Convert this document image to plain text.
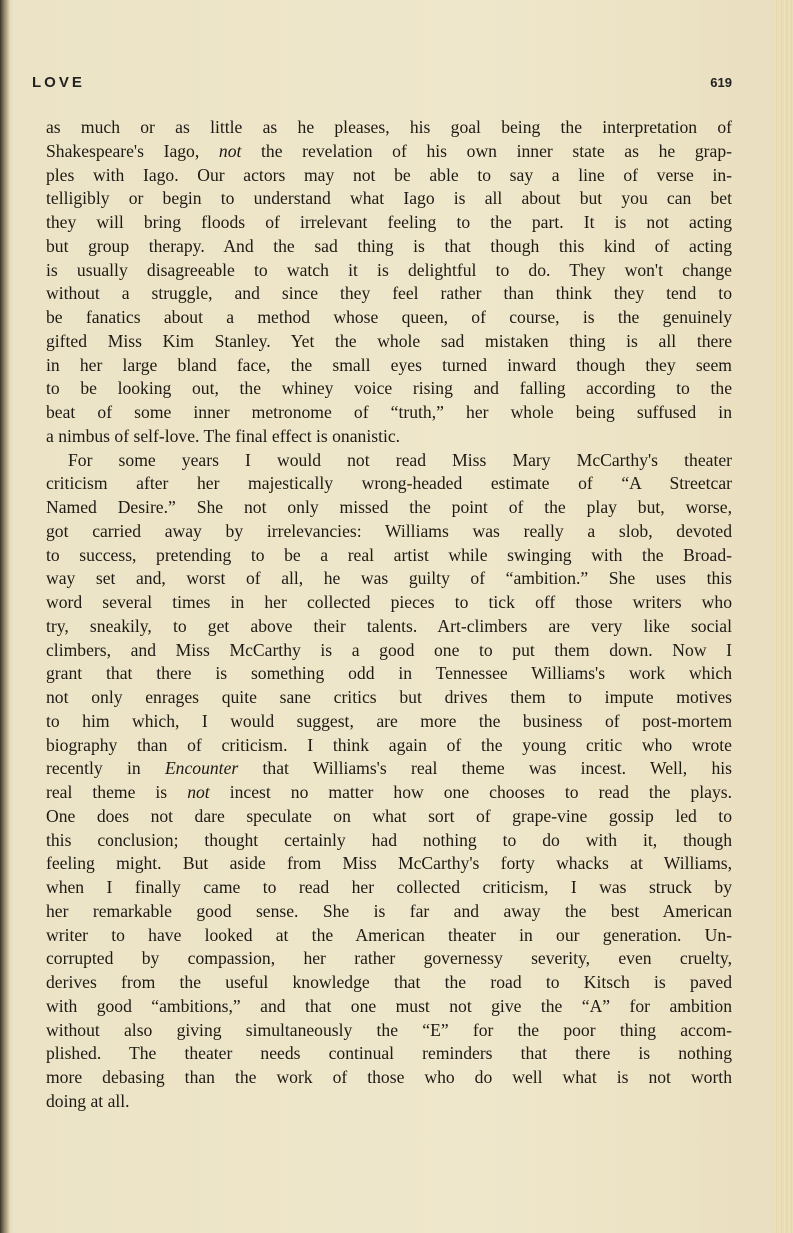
LOVE	619
as much or as little as he pleases, his goal being the interpretation of
Shakespeare's Iago, not the revelation of his own inner state as he grap-
ples with Iago. Our actors may not be able to say a line of verse in-
telligibly or begin to understand what Iago is all about but you can bet
they will bring floods of irrelevant feeling to the part. It is not acting
but group therapy. And the sad thing is that though this kind of acting
is usually disagreeable to watch it is delightful to do. They won't change
without a struggle, and since they feel rather than think they tend to
be fanatics about a method whose queen, of course, is the genuinely
gifted Miss Kim Stanley. Yet the whole sad mistaken thing is all there
in her large bland face, the small eyes turned inward though they seem
to be looking out, the whiney voice rising and falling according to the
beat of some inner metronome of “truth,” her whole being suffused in
a nimbus of self-love. The final effect is onanistic.
For some years I would not read Miss Mary McCarthy's theater
criticism after her majestically wrong-headed estimate of “A Streetcar
Named Desire.” She not only missed the point of the play but, worse,
got carried away by irrelevancies: Williams was really a slob, devoted
to success, pretending to be a real artist while swinging with the Broad-
way set and, worst of all, he was guilty of “ambition.” She uses this
word several times in her collected pieces to tick off those writers who
try, sneakily, to get above their talents. Art-climbers are very like social
climbers, and Miss McCarthy is a good one to put them down. Now I
grant that there is something odd in Tennessee Williams's work which
not only enrages quite sane critics but drives them to impute motives
to him which, I would suggest, are more the business of post-mortem
biography than of criticism. I think again of the young critic who wrote
recently in Encounter that Williams's real theme was incest. Well, his
real theme is not incest no matter how one chooses to read the plays.
One does not dare speculate on what sort of grape-vine gossip led to
this conclusion; thought certainly had nothing to do with it, though
feeling might. But aside from Miss McCarthy's forty whacks at Williams,
when I finally came to read her collected criticism, I was struck by
her remarkable good sense. She is far and away the best American
writer to have looked at the American theater in our generation. Un-
corrupted by compassion, her rather governessy severity, even cruelty,
derives from the useful knowledge that the road to Kitsch is paved
with good “ambitions,” and that one must not give the “A” for ambition
without also giving simultaneously the “E” for the poor thing accom-
plished. The theater needs continual reminders that there is nothing
more debasing than the work of those who do well what is not worth
doing at all.
